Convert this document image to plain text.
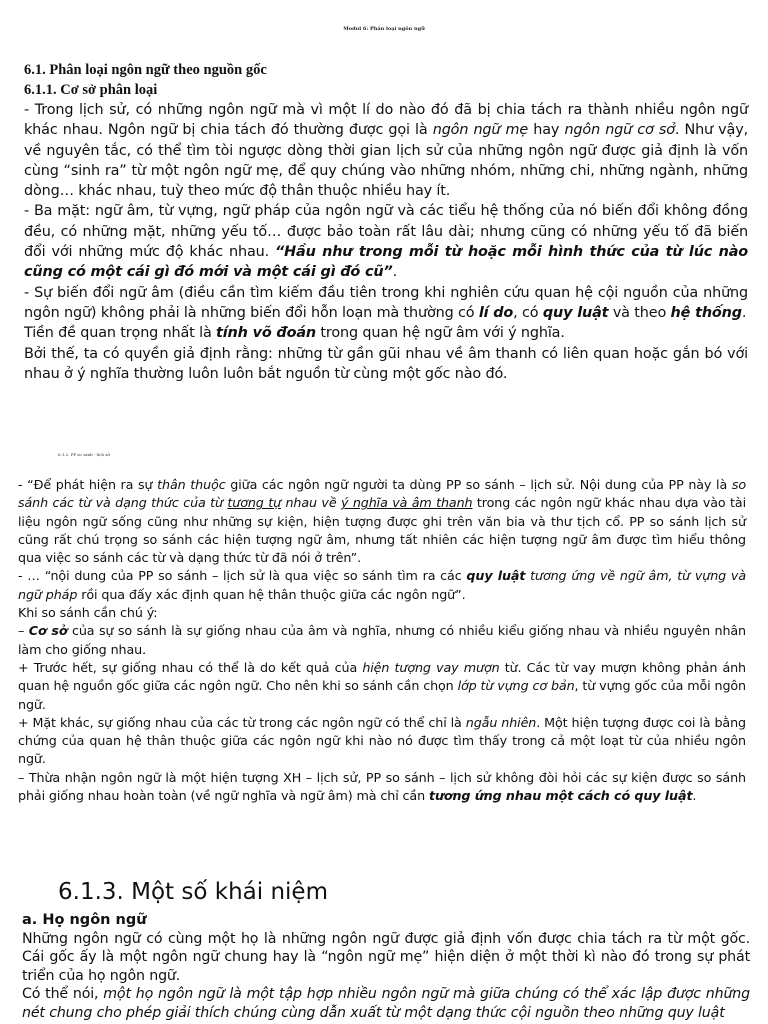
Modul 6: Phân loại ngôn ngữ
6.1. Phân loại ngôn ngữ theo nguồn gốc
6.1.1. Cơ sở phân loại

- Trong lịch sử, có những ngôn ngữ mà vì một lí do nào đó đã bị chia tách ra thành nhiều ngôn ngữ khác nhau. Ngôn ngữ bị chia tách đó thường được gọi là ngôn ngữ mẹ hay ngôn ngữ cơ sở. Như vậy, về nguyên tắc, có thể tìm tòi ngược dòng thời gian lịch sử của những ngôn ngữ được giả định là vốn cùng “sinh ra” từ một ngôn ngữ mẹ, để quy chúng vào những nhóm, những chi, những ngành, những dòng… khác nhau, tuỳ theo mức độ thân thuộc nhiều hay ít.

- Ba mặt: ngữ âm, từ vựng, ngữ pháp của ngôn ngữ và các tiểu hệ thống của nó biến đổi không đồng đều, có những mặt, những yếu tố… được bảo toàn rất lâu dài; nhưng cũng có những yếu tố đã biến đổi với những mức độ khác nhau. “Hầu như trong mỗi từ hoặc mỗi hình thức của từ lúc nào cũng có một cái gì đó mới và một cái gì đó cũ”.

- Sự biến đổi ngữ âm (điều cần tìm kiếm đầu tiên trong khi nghiên cứu quan hệ cội nguồn của những ngôn ngữ) không phải là những biến đổi hỗn loạn mà thường có lí do, có quy luật và theo hệ thống.

Tiền đề quan trọng nhất là tính võ đoán trong quan hệ ngữ âm với ý nghĩa.

Bởi thế, ta có quyền giả định rằng: những từ gần gũi nhau về âm thanh có liên quan hoặc gắn bó với nhau ở ý nghĩa thường luôn luôn bắt nguồn từ cùng một gốc nào đó.

6.1.2. PP so sánh - lịch sử

- “Để phát hiện ra sự thân thuộc giữa các ngôn ngữ người ta dùng PP so sánh – lịch sử. Nội dung của PP này là so sánh các từ và dạng thức của từ tương tự nhau về ý nghĩa và âm thanh trong các ngôn ngữ khác nhau dựa vào tài liệu ngôn ngữ sống cũng như những sự kiện, hiện tượng được ghi trên văn bia và thư tịch cổ. PP so sánh lịch sử cũng rất chú trọng so sánh các hiện tượng ngữ âm, nhưng tất nhiên các hiện tượng ngữ âm được tìm hiểu thông qua việc so sánh các từ và dạng thức từ đã nói ở trên”.

- … “nội dung của PP so sánh – lịch sử là qua việc so sánh tìm ra các quy luật tương ứng về ngữ âm, từ vựng và ngữ pháp rồi qua đấy xác định quan hệ thân thuộc giữa các ngôn ngữ”.

Khi so sánh cần chú ý:

– Cơ sở của sự so sánh là sự giống nhau của âm và nghĩa, nhưng có nhiều kiểu giống nhau và nhiều nguyên nhân làm cho giống nhau.

+ Trước hết, sự giống nhau có thể là do kết quả của hiện tượng vay mượn từ. Các từ vay mượn không phản ánh quan hệ nguồn gốc giữa các ngôn ngữ. Cho nên khi so sánh cần chọn lớp từ vựng cơ bản, từ vựng gốc của mỗi ngôn ngữ.

+ Mặt khác, sự giống nhau của các từ trong các ngôn ngữ có thể chỉ là ngẫu nhiên. Một hiện tượng được coi là bằng chứng của quan hệ thân thuộc giữa các ngôn ngữ khi nào nó được tìm thấy trong cả một loạt từ của nhiều ngôn ngữ.

– Thừa nhận ngôn ngữ là một hiện tượng XH – lịch sử, PP so sánh – lịch sử không đòi hỏi các sự kiện được so sánh phải giống nhau hoàn toàn (về ngữ nghĩa và ngữ âm) mà chỉ cần tương ứng nhau một cách có quy luật.

6.1.3. Một số khái niệm
a. Họ ngôn ngữ

Những ngôn ngữ có cùng một họ là những ngôn ngữ được giả định vốn được chia tách ra từ một gốc. Cái gốc ấy là một ngôn ngữ chung hay là “ngôn ngữ mẹ” hiện diện ở một thời kì nào đó trong sự phát triển của họ ngôn ngữ.

Có thể nói, một họ ngôn ngữ là một tập hợp nhiều ngôn ngữ mà giữa chúng có thể xác lập được những nét chung cho phép giải thích chúng cùng dẫn xuất từ một dạng thức cội nguồn theo những quy luật
